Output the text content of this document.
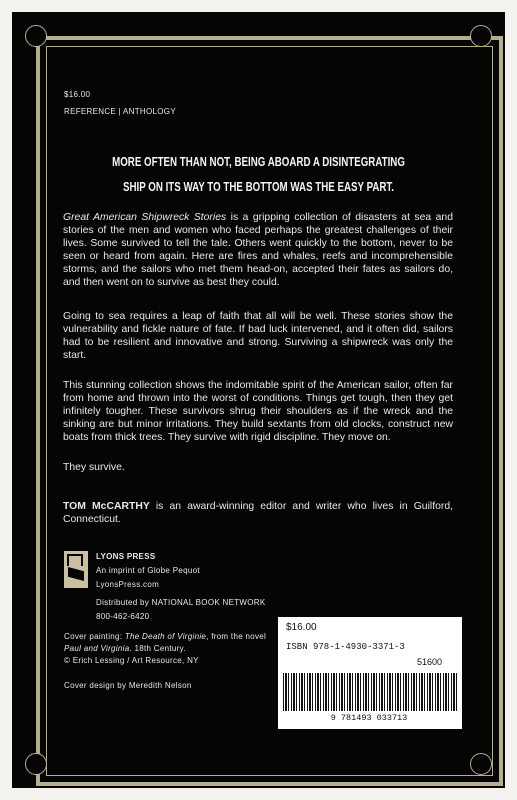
$16.00
REFERENCE | ANTHOLOGY
MORE OFTEN THAN NOT, BEING ABOARD A DISINTEGRATING SHIP ON ITS WAY TO THE BOTTOM WAS THE EASY PART.
Great American Shipwreck Stories is a gripping collection of disasters at sea and stories of the men and women who faced perhaps the greatest challenges of their lives. Some survived to tell the tale. Others went quickly to the bottom, never to be seen or heard from again. Here are fires and whales, reefs and incomprehensible storms, and the sailors who met them head-on, accepted their fates as sailors do, and then went on to survive as best they could.
Going to sea requires a leap of faith that all will be well. These stories show the vulnerability and fickle nature of fate. If bad luck intervened, and it often did, sailors had to be resilient and innovative and strong. Surviving a shipwreck was only the start.
This stunning collection shows the indomitable spirit of the American sailor, often far from home and thrown into the worst of conditions. Things get tough, then they get infinitely tougher. These survivors shrug their shoulders as if the wreck and the sinking are but minor irritations. They build sextants from old clocks, construct new boats from thick trees. They survive with rigid discipline. They move on.
They survive.
TOM McCARTHY is an award-winning editor and writer who lives in Guilford, Connecticut.
LYONS PRESS
An imprint of Globe Pequot
LyonsPress.com
Distributed by NATIONAL BOOK NETWORK
800-462-6420
Cover painting: The Death of Virginie, from the novel Paul and Virginia. 18th Century.
© Erich Lessing / Art Resource, NY
Cover design by Meredith Nelson
$16.00
ISBN 978-1-4930-3371-3
51600
9 781493 033713
